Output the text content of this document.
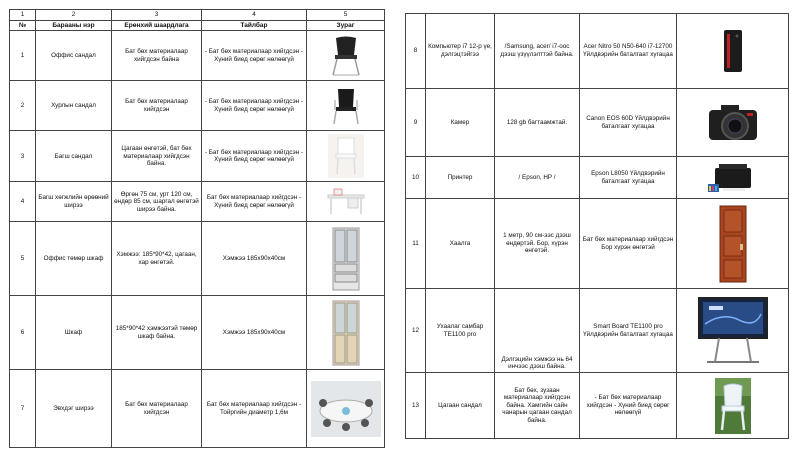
1	2	3	4	5
№	Барааны нэр	Ерөнхий шаардлага	Тайлбар	Зураг
1	Оффис сандал	Бат бөх материалаар хийгдсэн байна	- Бат бөх материалаар хийгдсэн - Хүний биед сөрөг нөлөөгүй	

2	Хурлын сандал	Бат бөх материалаар хийгдсэн	- Бат бөх материалаар хийгдсэн - Хүний биед сөрөг нөлөөгүй	

3	Багш сандал	Цагаан өнгөтэй, бат бөх материалаар хийгдсэн байна.	- Бат бөх материалаар хийгдсэн - Хүний биед сөрөг нөлөөгүй	

4	Багш хөгжлийн өрөөний ширээ	Өргөн 75 см, урт 120 см, өндөр 85 см, шаргал өнгөтэй ширээ байна.	Бат бөх материалаар хийгдсэн - Хүний биед сөрөг нөлөөгүй	

5	Оффис төмөр шкаф	Хэмжээ: 185*90*42, цагаан, хар өнгөтэй.	Хэмжээ 185х90х40см	

6	Шкаф	185*90*42 хэмжээтэй төмөр шкаф байна.	Хэмжээ 185х90х40см	

7	Эвхдэг ширээ	Бат бөх материалаар хийгдсэн	Бат бөх материалаар хийгдсэн - Тойргийн диаметр 1,6м	
8	Компьютер i7 12-р үе, дэлгэцтэйгээ	/Samsung, acer/ i7-оос дээш үзүүлэлттэй байна.	Acer Nitro 50 N50-640 i7-12700 Үйлдвэрийн баталгаат хугацаа	

9	Камер	128 gb багтаамжтай.	Canon EOS 60D Үйлдвэрийн баталгаат хугацаа	

10	Принтер	/ Epson, HP /	Epson L8050 Үйлдвэрийн баталгаат хугацаа	

11	Хаалга	1 метр, 90 см-ээс дээш өндөртэй. Бор, хүрэн өнгөтэй.	Бат бөх материалаар хийгдсэн Бор хүрэн өнгөтэй	

12	Ухаалаг самбар TE1100 pro	Дэлгэцийн хэмжээ нь 64 инчээс дээш байна.	Smart Board TE1100 pro Үйлдвэрийн баталгаат хугацаа	

13	Цагаан сандал	Бат бөх, зузаан материалаар хийгдсэн байна. Хамгийн сайн чанарын цагаан сандал байна.	- Бат бөх материалаар хийгдсэн - Хүний биед сөрөг нөлөөгүй	
